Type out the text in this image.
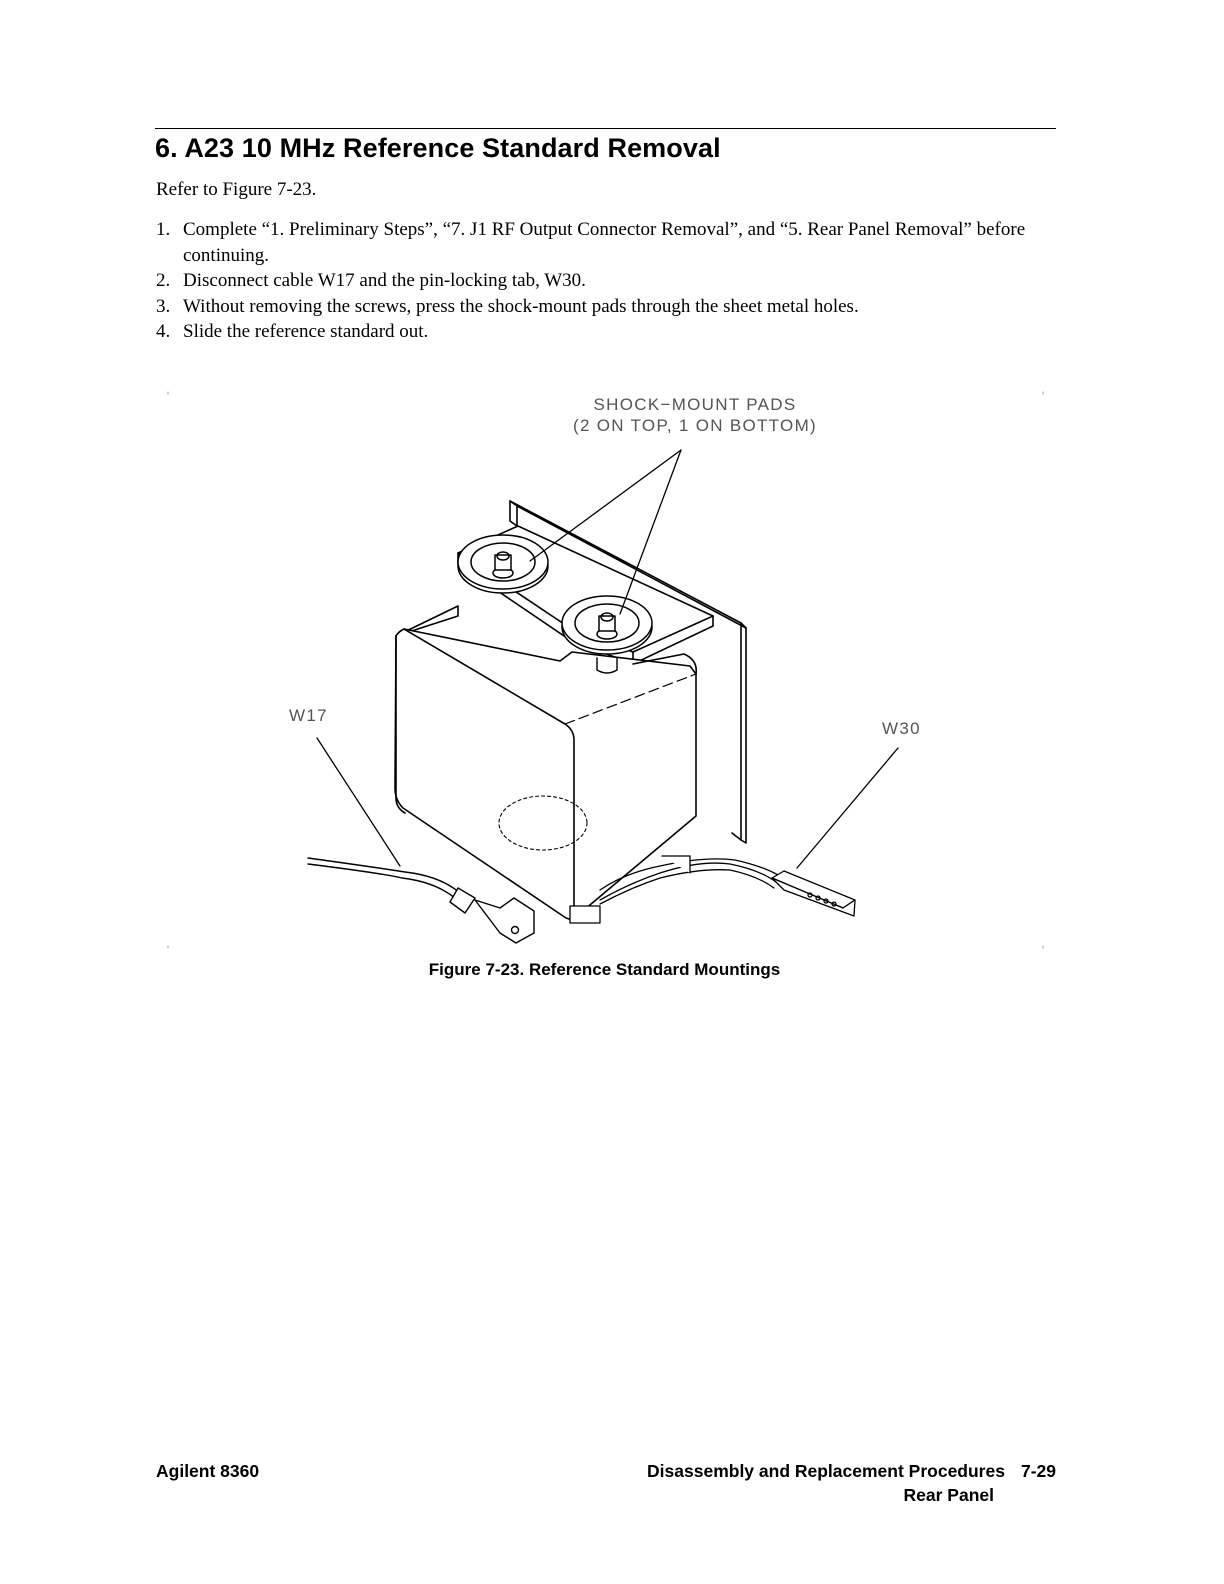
6. A23 10 MHz Reference Standard Removal

Refer to Figure 7-23.

1. Complete “1. Preliminary Steps”, “7. J1 RF Output Connector Removal”, and “5. Rear Panel Removal” before continuing.
2. Disconnect cable W17 and the pin-locking tab, W30.
3. Without removing the screws, press the shock-mount pads through the sheet metal holes.
4. Slide the reference standard out.
SHOCK−MOUNT PADS
(2 ON TOP, 1 ON BOTTOM)
W17
W30
Figure 7-23. Reference Standard Mountings
Agilent 8360	Disassembly and Replacement Procedures 7-29
Rear Panel
